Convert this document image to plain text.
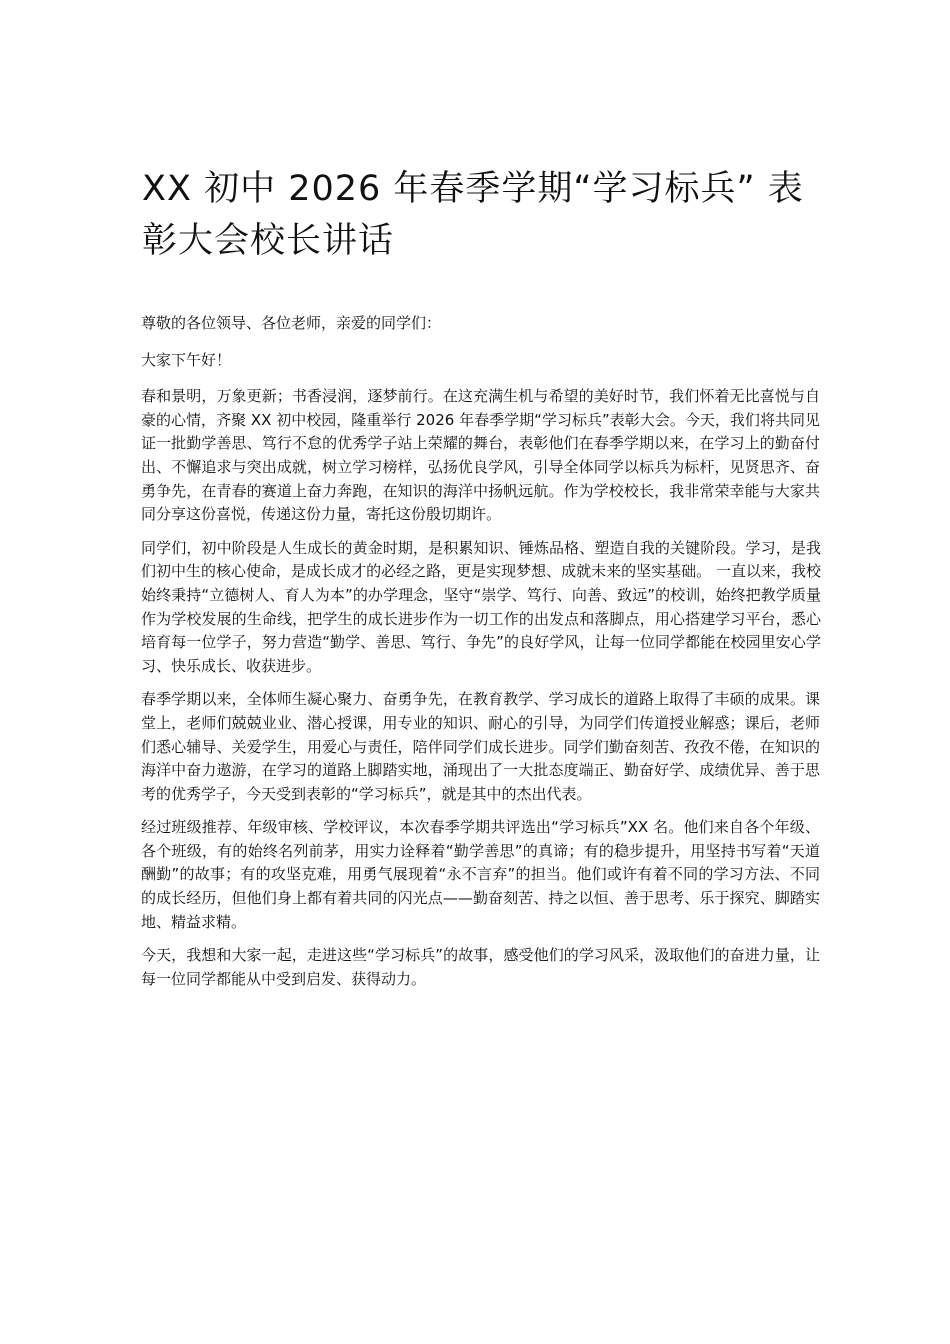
XX 初中 2026 年春季学期“学习标兵” 表彰大会校长讲话

尊敬的各位领导、各位老师，亲爱的同学们：

大家下午好！

春和景明，万象更新；书香浸润，逐梦前行。在这充满生机与希望的美好时节，我们怀着无比喜悦与自豪的心情，齐聚 XX 初中校园，隆重举行 2026 年春季学期“学习标兵”表彰大会。今天，我们将共同见证一批勤学善思、笃行不怠的优秀学子站上荣耀的舞台，表彰他们在春季学期以来，在学习上的勤奋付出、不懈追求与突出成就，树立学习榜样，弘扬优良学风，引导全体同学以标兵为标杆，见贤思齐、奋勇争先，在青春的赛道上奋力奔跑，在知识的海洋中扬帆远航。作为学校校长，我非常荣幸能与大家共同分享这份喜悦，传递这份力量，寄托这份殷切期许。

同学们，初中阶段是人生成长的黄金时期，是积累知识、锤炼品格、塑造自我的关键阶段。学习，是我们初中生的核心使命，是成长成才的必经之路，更是实现梦想、成就未来的坚实基础。 一直以来，我校始终秉持“立德树人、育人为本”的办学理念，坚守“崇学、笃行、向善、致远”的校训，始终把教学质量作为学校发展的生命线，把学生的成长进步作为一切工作的出发点和落脚点，用心搭建学习平台，悉心培育每一位学子，努力营造“勤学、善思、笃行、争先”的良好学风，让每一位同学都能在校园里安心学习、快乐成长、收获进步。

春季学期以来，全体师生凝心聚力、奋勇争先，在教育教学、学习成长的道路上取得了丰硕的成果。课堂上，老师们兢兢业业、潜心授课，用专业的知识、耐心的引导，为同学们传道授业解惑；课后，老师们悉心辅导、关爱学生，用爱心与责任，陪伴同学们成长进步。同学们勤奋刻苦、孜孜不倦，在知识的海洋中奋力遨游，在学习的道路上脚踏实地，涌现出了一大批态度端正、勤奋好学、成绩优异、善于思考的优秀学子，今天受到表彰的“学习标兵”，就是其中的杰出代表。

经过班级推荐、年级审核、学校评议，本次春季学期共评选出“学习标兵”XX 名。他们来自各个年级、各个班级，有的始终名列前茅，用实力诠释着“勤学善思”的真谛；有的稳步提升，用坚持书写着“天道酬勤”的故事；有的攻坚克难，用勇气展现着“永不言弃”的担当。他们或许有着不同的学习方法、不同的成长经历，但他们身上都有着共同的闪光点——勤奋刻苦、持之以恒、善于思考、乐于探究、脚踏实地、精益求精。

今天，我想和大家一起，走进这些“学习标兵”的故事，感受他们的学习风采，汲取他们的奋进力量，让每一位同学都能从中受到启发、获得动力。
